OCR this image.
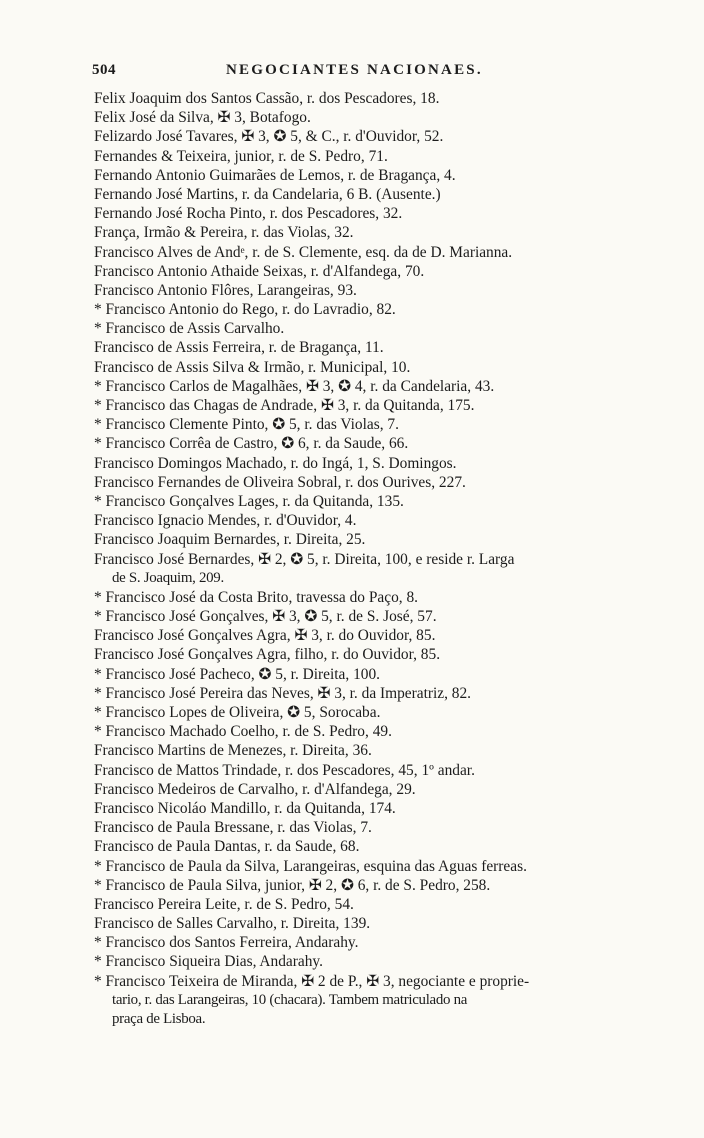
504	NEGOCIANTES NACIONAES.
Felix Joaquim dos Santos Cassão, r. dos Pescadores, 18.
Felix José da Silva, ✠ 3, Botafogo.
Felizardo José Tavares, ✠ 3, ✪ 5, & C., r. d'Ouvidor, 52.
Fernandes & Teixeira, junior, r. de S. Pedro, 71.
Fernando Antonio Guimarães de Lemos, r. de Bragança, 4.
Fernando José Martins, r. da Candelaria, 6 B. (Ausente.)
Fernando José Rocha Pinto, r. dos Pescadores, 32.
França, Irmão & Pereira, r. das Violas, 32.
Francisco Alves de Andᵉ, r. de S. Clemente, esq. da de D. Marianna.
Francisco Antonio Athaide Seixas, r. d'Alfandega, 70.
Francisco Antonio Flôres, Larangeiras, 93.
* Francisco Antonio do Rego, r. do Lavradio, 82.
* Francisco de Assis Carvalho.
Francisco de Assis Ferreira, r. de Bragança, 11.
Francisco de Assis Silva & Irmão, r. Municipal, 10.
* Francisco Carlos de Magalhães, ✠ 3, ✪ 4, r. da Candelaria, 43.
* Francisco das Chagas de Andrade, ✠ 3, r. da Quitanda, 175.
* Francisco Clemente Pinto, ✪ 5, r. das Violas, 7.
* Francisco Corrêa de Castro, ✪ 6, r. da Saude, 66.
Francisco Domingos Machado, r. do Ingá, 1, S. Domingos.
Francisco Fernandes de Oliveira Sobral, r. dos Ourives, 227.
* Francisco Gonçalves Lages, r. da Quitanda, 135.
Francisco Ignacio Mendes, r. d'Ouvidor, 4.
Francisco Joaquim Bernardes, r. Direita, 25.
Francisco José Bernardes, ✠ 2, ✪ 5, r. Direita, 100, e reside r. Larga
de S. Joaquim, 209.
* Francisco José da Costa Brito, travessa do Paço, 8.
* Francisco José Gonçalves, ✠ 3, ✪ 5, r. de S. José, 57.
Francisco José Gonçalves Agra, ✠ 3, r. do Ouvidor, 85.
Francisco José Gonçalves Agra, filho, r. do Ouvidor, 85.
* Francisco José Pacheco, ✪ 5, r. Direita, 100.
* Francisco José Pereira das Neves, ✠ 3, r. da Imperatriz, 82.
* Francisco Lopes de Oliveira, ✪ 5, Sorocaba.
* Francisco Machado Coelho, r. de S. Pedro, 49.
Francisco Martins de Menezes, r. Direita, 36.
Francisco de Mattos Trindade, r. dos Pescadores, 45, 1º andar.
Francisco Medeiros de Carvalho, r. d'Alfandega, 29.
Francisco Nicoláo Mandillo, r. da Quitanda, 174.
Francisco de Paula Bressane, r. das Violas, 7.
Francisco de Paula Dantas, r. da Saude, 68.
* Francisco de Paula da Silva, Larangeiras, esquina das Aguas ferreas.
* Francisco de Paula Silva, junior, ✠ 2, ✪ 6, r. de S. Pedro, 258.
Francisco Pereira Leite, r. de S. Pedro, 54.
Francisco de Salles Carvalho, r. Direita, 139.
* Francisco dos Santos Ferreira, Andarahy.
* Francisco Siqueira Dias, Andarahy.
* Francisco Teixeira de Miranda, ✠ 2 de P., ✠ 3, negociante e proprie-
tario, r. das Larangeiras, 10 (chacara). Tambem matriculado na
praça de Lisboa.
